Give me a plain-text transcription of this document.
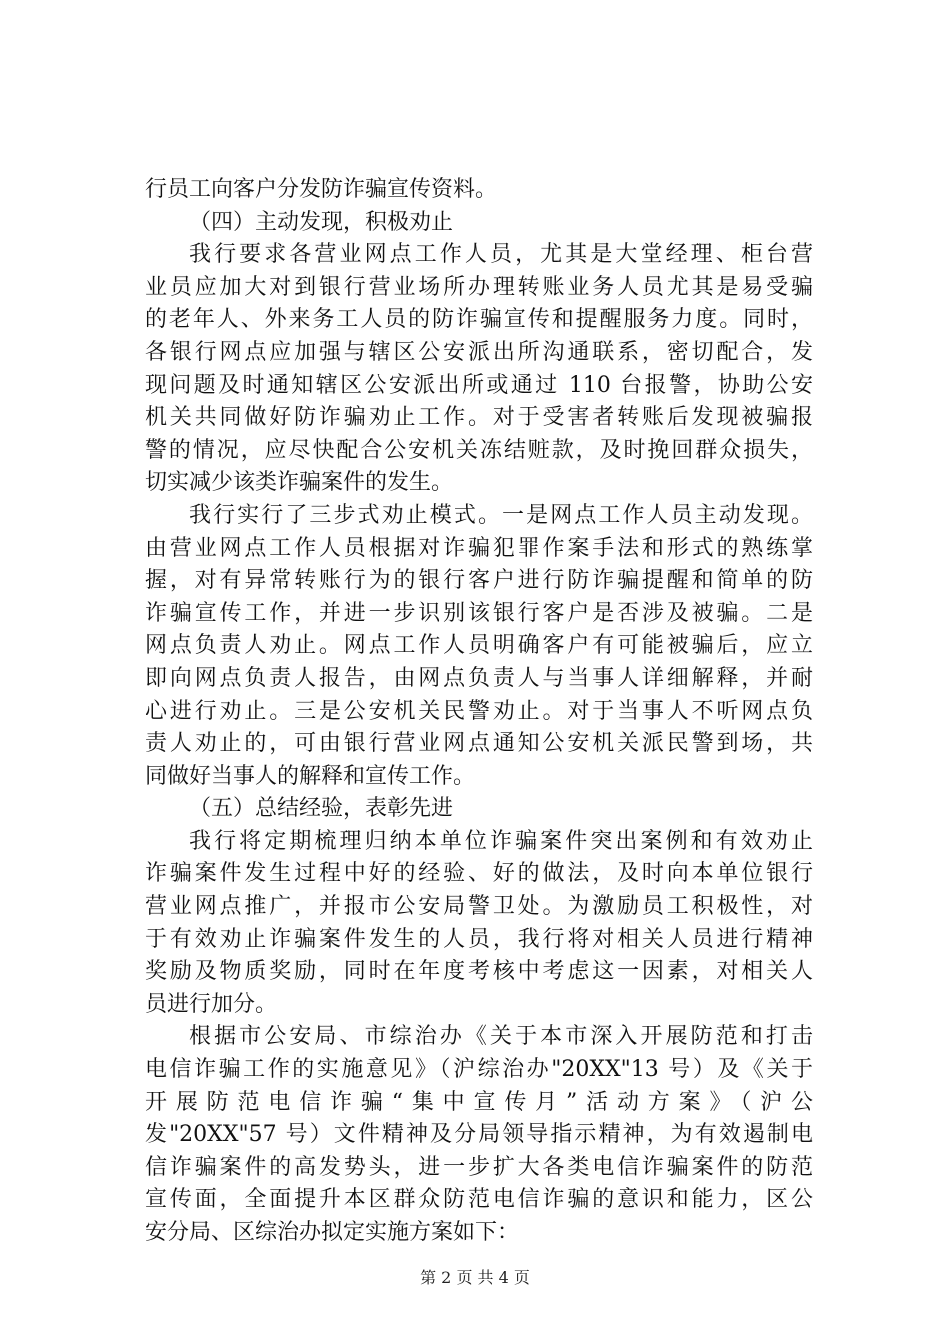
行员工向客户分发防诈骗宣传资料。
（四）主动发现，积极劝止
我行要求各营业网点工作人员，尤其是大堂经理、柜台营
业员应加大对到银行营业场所办理转账业务人员尤其是易受骗
的老年人、外来务工人员的防诈骗宣传和提醒服务力度。同时，
各银行网点应加强与辖区公安派出所沟通联系，密切配合，发
现问题及时通知辖区公安派出所或通过 110 台报警，协助公安
机关共同做好防诈骗劝止工作。对于受害者转账后发现被骗报
警的情况，应尽快配合公安机关冻结赃款，及时挽回群众损失，
切实减少该类诈骗案件的发生。
我行实行了三步式劝止模式。一是网点工作人员主动发现。
由营业网点工作人员根据对诈骗犯罪作案手法和形式的熟练掌
握，对有异常转账行为的银行客户进行防诈骗提醒和简单的防
诈骗宣传工作，并进一步识别该银行客户是否涉及被骗。二是
网点负责人劝止。网点工作人员明确客户有可能被骗后，应立
即向网点负责人报告，由网点负责人与当事人详细解释，并耐
心进行劝止。三是公安机关民警劝止。对于当事人不听网点负
责人劝止的，可由银行营业网点通知公安机关派民警到场，共
同做好当事人的解释和宣传工作。
（五）总结经验，表彰先进
我行将定期梳理归纳本单位诈骗案件突出案例和有效劝止
诈骗案件发生过程中好的经验、好的做法，及时向本单位银行
营业网点推广，并报市公安局警卫处。为激励员工积极性，对
于有效劝止诈骗案件发生的人员，我行将对相关人员进行精神
奖励及物质奖励，同时在年度考核中考虑这一因素，对相关人
员进行加分。
根据市公安局、市综治办《关于本市深入开展防范和打击
电信诈骗工作的实施意见》（沪综治办"20XX"13 号）及《关于
开展防范电信诈骗“集中宣传月”活动方案》（沪公
发"20XX"57 号）文件精神及分局领导指示精神，为有效遏制电
信诈骗案件的高发势头，进一步扩大各类电信诈骗案件的防范
宣传面，全面提升本区群众防范电信诈骗的意识和能力，区公
安分局、区综治办拟定实施方案如下：
第 2 页 共 4 页
